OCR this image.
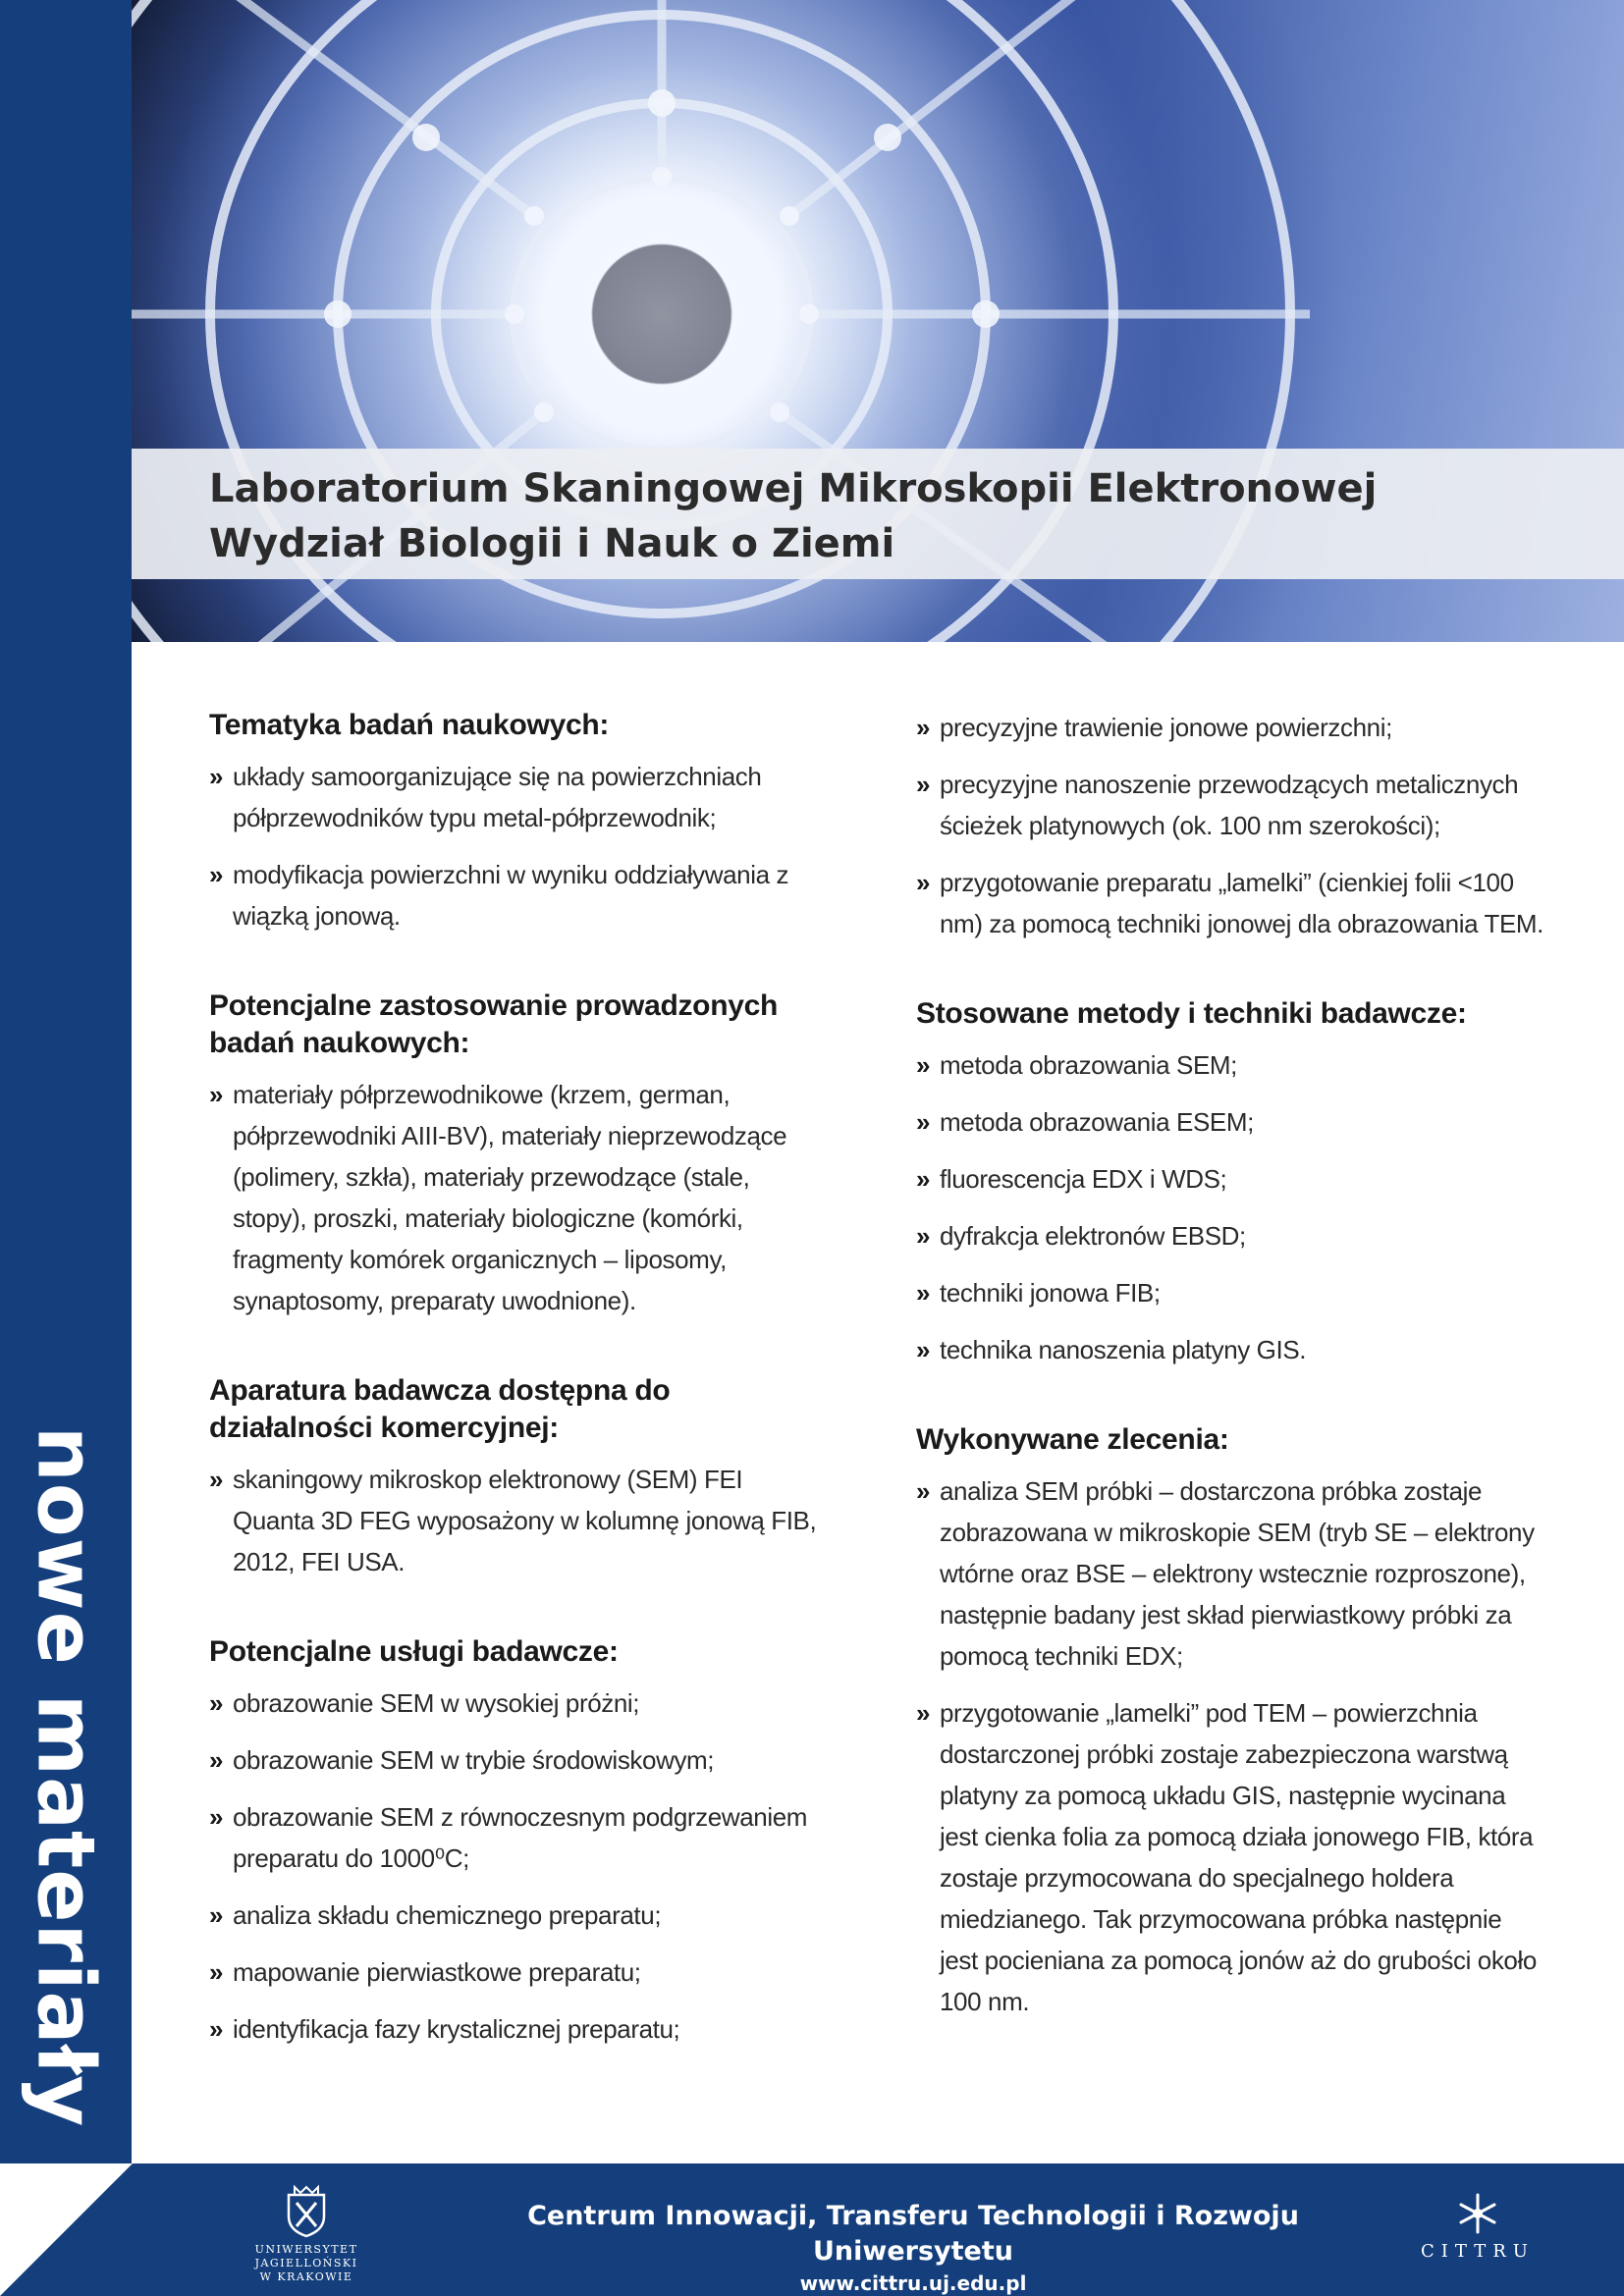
nowe materiały
Laboratorium Skaningowej Mikroskopii Elektronowej
Wydział Biologii i Nauk o Ziemi
Tematyka badań naukowych:
» układy samoorganizujące się na powierzchniach półprzewodników typu metal-półprzewodnik;
» modyfikacja powierzchni w wyniku oddziaływania z wiązką jonową.
Potencjalne zastosowanie prowadzonych badań naukowych:
» materiały półprzewodnikowe (krzem, german, półprzewodniki AIII-BV), materiały nieprzewodzące (polimery, szkła), materiały przewodzące (stale, stopy), proszki, materiały biologiczne (komórki, fragmenty komórek organicznych – liposomy, synaptosomy, preparaty uwodnione).
Aparatura badawcza dostępna do działalności komercyjnej:
» skaningowy mikroskop elektronowy (SEM) FEI Quanta 3D FEG wyposażony w kolumnę jonową FIB, 2012, FEI USA.
Potencjalne usługi badawcze:
» obrazowanie SEM w wysokiej próżni;
» obrazowanie SEM w trybie środowiskowym;
» obrazowanie SEM z równoczesnym podgrzewaniem preparatu do 1000⁰C;
» analiza składu chemicznego preparatu;
» mapowanie pierwiastkowe preparatu;
» identyfikacja fazy krystalicznej preparatu;
» precyzyjne trawienie jonowe powierzchni;
» precyzyjne nanoszenie przewodzących metalicznych ścieżek platynowych (ok. 100 nm szerokości);
» przygotowanie preparatu „lamelki” (cienkiej folii <100 nm) za pomocą techniki jonowej dla obrazowania TEM.
Stosowane metody i techniki badawcze:
» metoda obrazowania SEM;
» metoda obrazowania ESEM;
» fluorescencja EDX i WDS;
» dyfrakcja elektronów EBSD;
» techniki jonowa FIB;
» technika nanoszenia platyny GIS.
Wykonywane zlecenia:
» analiza SEM próbki – dostarczona próbka zostaje zobrazowana w mikroskopie SEM (tryb SE – elektrony wtórne oraz BSE – elektrony wstecznie rozproszone), następnie badany jest skład pierwiastkowy próbki za pomocą techniki EDX;
» przygotowanie „lamelki” pod TEM – powierzchnia dostarczonej próbki zostaje zabezpieczona warstwą platyny za pomocą układu GIS, następnie wycinana jest cienka folia za pomocą działa jonowego FIB, która zostaje przymocowana do specjalnego holdera miedzianego. Tak przymocowana próbka następnie jest pocieniana za pomocą jonów aż do grubości około 100 nm.
UNIWERSYTET JAGIELLOŃSKI
W KRAKOWIE
Centrum Innowacji, Transferu Technologii i Rozwoju Uniwersytetu
www.cittru.uj.edu.pl
CITTRU
